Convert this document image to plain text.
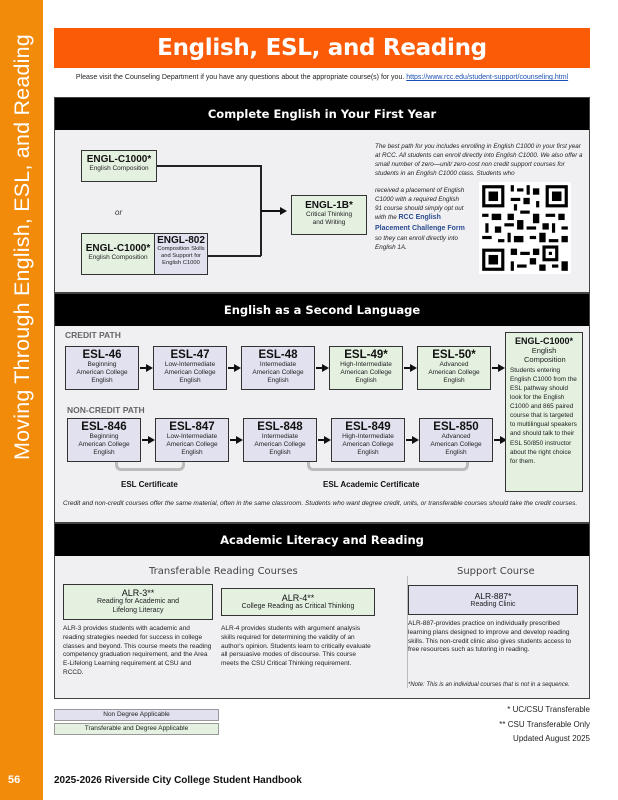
Moving Through English, ESL, and Reading
56
English, ESL, and Reading
Please visit the Counseling Department if you have any questions about the appropriate course(s) for you. https://www.rcc.edu/student-support/counseling.html
Complete English in Your First Year
ENGL-C1000*
English Composition
or
ENGL-C1000*
English Composition
ENGL-802
Composition Skills and Support for English C1000
ENGL-1B*
Critical Thinking and Writing
The best path for you includes enrolling in English C1000 in your first year at RCC. All students can enroll directly into English C1000. We also offer a small number of zero—unit/ zero-cost non credit support courses for students in an English C1000 class. Students who
received a placement of English C1000 with a required English 91 course should simply opt out with the RCC English Placement Challenge Form so they can enroll directly into English 1A.
English as a Second Language
CREDIT PATH
NON-CREDIT PATH
ESL-46
Beginning American College English
ESL-47
Low-Intermediate American College English
ESL-48
Intermediate American College English
ESL-49*
High-Intermediate American College English
ESL-50*
Advanced American College English
ESL-846
Beginning American College English
ESL-847
Low-Intermediate American College English
ESL-848
Intermediate American College English
ESL-849
High-Intermediate American College English
ESL-850
Advanced American College English
ESL Certificate	ESL Academic Certificate
ENGL-C1000*
English Composition
Students entering English C1000 from the ESL pathway should look for the English C1000 and 865 paired course that is targeted to multilingual speakers and should talk to their ESL 50/850 instructor about the right choice for them.
Credit and non-credit courses offer the same material, often in the same classroom. Students who want degree credit, units, or transferable courses should take the credit courses.
Academic Literacy and Reading
Transferable Reading Courses	Support Course
ALR-3**
Reading for Academic and Lifelong Literacy
ALR-3 provides students with academic and reading strategies needed for success in college classes and beyond. This course meets the reading competency graduation requirement, and the Area E-Lifelong Learning requirement at CSU and RCCD.
ALR-4**
College Reading as Critical Thinking
ALR-4 provides students with argument analysis skills required for determining the validity of an author's opinion. Students learn to critically evaluate all persuasive modes of discourse. This course meets the CSU Critical Thinking requirement.
ALR-887*
Reading Clinic
ALR-887-provides practice on individually prescribed learning plans designed to improve and develop reading skills. This non-credit clinic also gives students access to free resources such as tutoring in reading.
*Note: This is an individual courses that is not in a sequence.
Non Degree Applicable
Transferable and Degree Applicable
* UC/CSU Transferable
** CSU Transferable Only
Updated August 2025
2025-2026 Riverside City College Student Handbook
